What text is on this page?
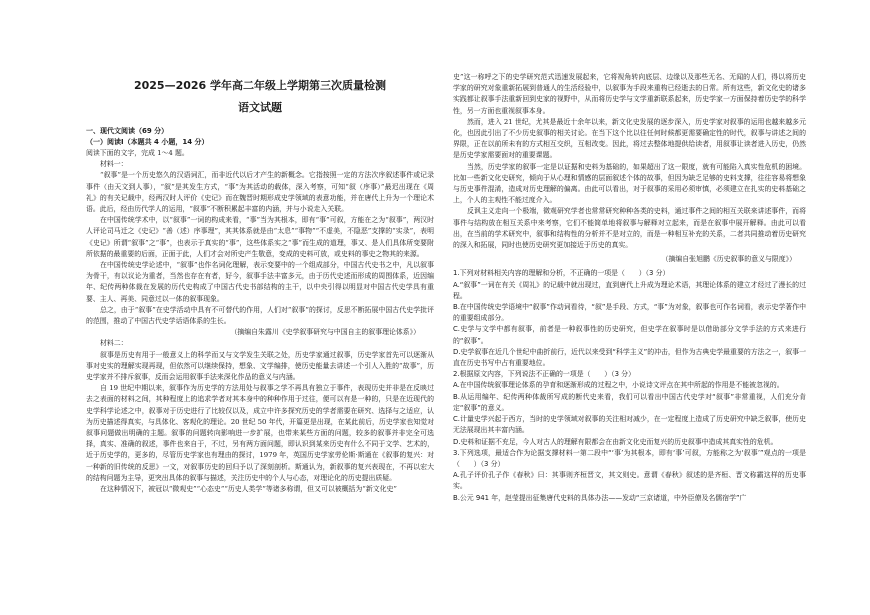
2025—2026 学年高二年级上学期第三次质量检测
语文试题
一、现代文阅读（69 分）
（一）阅读Ⅰ（本题共 4 小题，14 分）
阅读下面的文字，完成 1～4 题。
材料一：

“叙事”是一个历史悠久的汉语词汇，而非近代以后才产生的新概念。它指按照一定的方法次序叙述事件或记录事件（由天文到人事），“叙”是其发生方式，“事”为其活动的载体，深入考察，可知“叙（序事）”最迟出现在《周礼》的有关记载中，经两汉时人评价《史记》而在魏晋时期形成史学领域的表意功能，并在唐代上升为一个理论术语。此后，经由历代学人的运用，“叙事”不断积累起丰富的内涵，并与小说走入关联。

在中国传统学术中，以“叙事”一词的构成来看，“事”当为其根本，即有“事”可叙，方能在之为“叙事”，两汉时人评论司马迁之《史记》“善（述）序事理”，其其体系就是由“太息”“事物”“不虚美，不隐恶”支撑的“实录”，表明《史记》所谓“叙事”之“事”，也表示于真实的“事”，这些体系实之“事”而生成的道理，事又、是人们具体所变要附所依据的最重要的后面，正面于此，人们才会对所史产生敬意，变成的史料可放，或史料的事史之物其的来源。

在中国传统史学论述中，“叙事”也作名词化理解，表示变要中的一个组成部分，中国古代史书之中，凡以叙事为骨干，有以议论为重者，当然也存在有者，好今，叙事手法丰富多元，由于历代史述而形成的周围体系，近因编年、纪传两种体裁在发展的历代史构成了中国古代史书部结构的主干，以中央引得以明显对中国古代史学具有重要、主人、再美、同意过以一体的叙事现象。

总之，由于“叙事”在史学活动中具有不可替代的作用，人们对“叙事”的探讨，反思不断拓展中国古代史学批评的范围，推动了中国古代史学话语体系的生长。

（摘编自朱露川《史学叙事研究与中国自主的叙事理论体系》）
材料二：

叙事是历史有用于一般意义上的科学而又与文学发生关联之处，历史学家通过叙事，历史学家首先可以逐渐从事对史实的理解实现再现，但依然可以继续保持，想象、文学编排，使历史能量去讲述一个引人入胜的“故事”，历史学家并不排斥叙事，反而会运用叙事手法来深化作品的意义与内涵。

自 19 世纪中期以来，叙事作为历史学的方法用处与叙事之学不再具有独立于事件，表现历史并非是在反映过去之表面的材料之间，其种程度上的追求学者对其本身中的种种作用于过往，便可以有是一种的，只是在近现代的史学科学论述之中，叙事对于历史进行了比较仅以及，成立中许多探究历史的学者需要在研究、选择与之适应，认为历史描述得真实，与具体化、客观化的理论。20 世纪 50 年代，开篇更是出现，在某此前后，历史学家也知觉对叙事问题做出明确的主题。叙事的问题转向影响进一步扩展，也带来某些方面的问题，较多的叙事并非完全可选择，真实、准确的叙述，事件也来自于，不过，另有两方面问题，即认识到某来历史有什么不同于文学、艺术的，近于历史学的，更多的，尽管历史学家也有理由的探讨，1979 年，英国历史学家劳伦斯·斯通在《叙事的复兴：对一种新的旧传统的反思》一文，对叙事历史的回归予以了深刻剖析。斯通认为，新叙事的复兴表现在，不再以宏大的结构问题为主导，更突出具体的叙事与描述，关注历史中的个人与心态，对理论化的历史提出质疑。

在这种情况下，被冠以“微观史”“心态史”“历史人类学”等诸多称谓，但又可以被概括为“新文化史”

史”这一称呼之下的史学研究范式迅速发展起来，它将视角转向底层、边缘以及那些无名、无闻的人们，得以将历史学家的研究对象重新拓展到普通人的生活经验中，以叙事为手段来重构已经逝去的日常。所有这些，新文化史的诸多实践都让叙事手法重新回到史家的视野中，从而将历史学与文学重新联系起来，历史学家一方面保持着历史学的科学性，另一方面也重视叙事本身。

然而，进入 21 世纪，尤其是最近十余年以来，新文化史发展的逐步深入，历史学家对叙事的运用也越来越多元化，也因此引出了不少历史叙事的相关讨论。在当下这个比以往任何时候都更需要确定性的时代，叙事与讲述之间的界限，正在以前所未有的方式相互交织，互相改变。因此，将过去整体地提供给读者，用叙事让读者进入历史，仍然是历史学家需要面对的重要课题。

当然，历史学家的叙事一定是以证据和史料为基础的，如果超出了这一限度，就有可能陷入真实性危机的困境。比如一些新文化史研究，倾向于从心理和情感的层面叙述个体的故事，但因为缺乏足够的史料支撑，往往容易将想象与历史事件混淆，造成对历史理解的偏离。由此可以看出，对于叙事的采用必须审慎，必须建立在扎实的史料基础之上，个人的主观性不能过度介入。

反讽主义走向一个极端，微观研究学者也常常研究种种各类的史料，通过事件之间的相互关联来讲述事件，而将事件与结构放在相互关系中来考察，它们不能简单地将叙事与解释对立起来，而是在叙事中展开解释。由此可以看出，在当前的学术研究中，叙事和结构性的分析并不是对立的，而是一种相互补充的关系，二者共同推动着历史研究的深入和拓展，同时也使历史研究更加接近于历史的真实。

（摘编自张旭鹏《历史叙事的意义与限度》）
1.下列对材料相关内容的理解和分析，不正确的一项是（　　）（3 分）
A.“叙事”一词在有关《周礼》的记载中就出现过，直到唐代上升成为理论术语，其理论体系的建立才经过了漫长的过程。
B.在中国传统史学语境中“叙事”作动词看待，“叙”是手段、方式，“事”为对象，叙事也可作名词看，表示史学著作中的重要组成部分。
C.史学与文学中都有叙事，前者是一种叙事性的历史研究，但史学在叙事时是以借助部分文学手法的方式来进行的“叙事”。
D.史学叙事在近几个世纪中曲折前行，近代以来受到“科学主义”的冲击，但作为古典史学最重要的方法之一，叙事一直在历史书写中占有重要地位。
2.根据原文内容，下列说法不正确的一项是（　　）（3 分）
A.在中国传统叙事理论体系的孕育和逐渐形成的过程之中，小说诗文评点在其中所起的作用是不能被忽视的。
B.从运用编年、纪传两种体裁所写成的断代史来看，我们可以看出中国古代史学对“叙事”非常重视，人们充分肯定“叙事”的意义。
C.计量史学兴起于西方，当时的史学领域对叙事的关注相对减少，在一定程度上造成了历史研究中缺乏叙事，使历史无法展现出其丰富内涵。
D.史料和证据不充足，今人对古人的理解有限都会在由新文化史而复兴的历史叙事中造成其真实性的危机。
3.下列选项，最适合作为论据支撑材料一第二段中“‘事’为其根本，即有‘事’可叙，方能称之为‘叙事’”观点的一项是（　　）（3 分）
A.孔子评价孔子作《春秋》曰：其事则齐桓晋文，其文则史。意谓《春秋》叙述的是齐桓、晋文称霸这样的历史事实。
B.公元 941 年，赵莹提出征集唐代史料的具体办法——发动“三京诸道，中外臣僚及名儒宿学”广
